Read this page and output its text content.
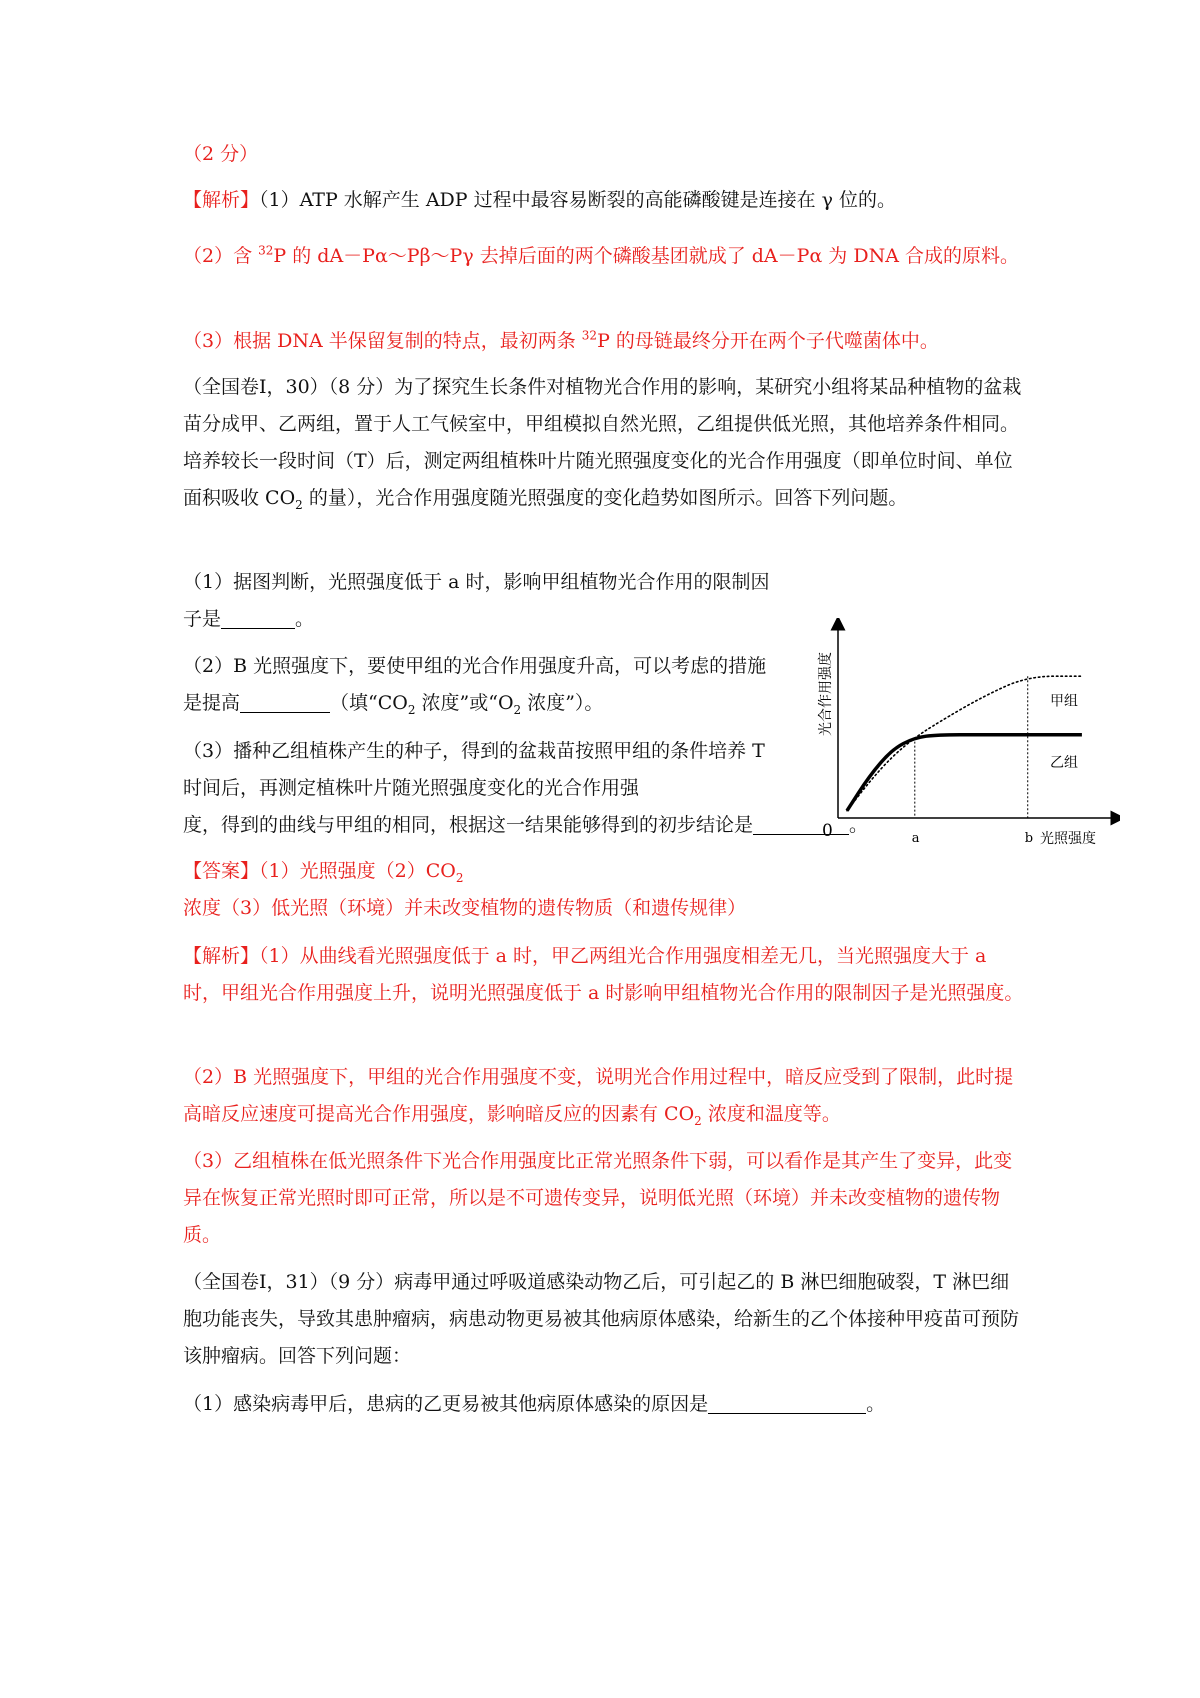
（2 分）

【解析】（1）ATP 水解产生 ADP 过程中最容易断裂的高能磷酸键是连接在 γ 位的。

（2）含 $^{32}$P 的 dA－Pα～Pβ～Pγ 去掉后面的两个磷酸基团就成了 dA－Pα 为 DNA 合成的原料。

（3）根据 DNA 半保留复制的特点，最初两条 $^{32}$P 的母链最终分开在两个子代噬菌体中。

（全国卷Ⅰ，30）（8 分）为了探究生长条件对植物光合作用的影响，某研究小组将某品种植物的盆栽苗分成甲、乙两组，置于人工气候室中，甲组模拟自然光照，乙组提供低光照，其他培养条件相同。培养较长一段时间（T）后，测定两组植株叶片随光照强度变化的光合作用强度（即单位时间、单位面积吸收 $CO_2$ 的量），光合作用强度随光照强度的变化趋势如图所示。回答下列问题。

（1）据图判断，光照强度低于 a 时，影响甲组植物光合作用的限制因子是	。

（2）B 光照强度下，要使甲组的光合作用强度升高，可以考虑的措施是提高	（填“$CO_2$ 浓度”或“$O_2$ 浓度”）。

（3）播种乙组植株产生的种子，得到的盆栽苗按照甲组的条件培养 T 时间后，再测定植株叶片随光照强度变化的光合作用强

度，得到的曲线与甲组的相同，根据这一结果能够得到的初步结论是	。

【答案】（1）光照强度$(2)CO_2$ 浓度（3）低光照（环境）并未改变植物的遗传物质（和遗传规律）

【解析】（1）从曲线看光照强度低于 a 时，甲乙两组光合作用强度相差无几，当光照强度大于 a 时，甲组光合作用强度上升，说明光照强度低于 a 时影响甲组植物光合作用的限制因子是光照强度。

（2）B 光照强度下，甲组的光合作用强度不变，说明光合作用过程中，暗反应受到了限制，此时提高暗反应速度可提高光合作用强度，影响暗反应的因素有 $CO_2$ 浓度和温度等。

（3）乙组植株在低光照条件下光合作用强度比正常光照条件下弱，可以看作是其产生了变异，此变异在恢复正常光照时即可正常，所以是不可遗传变异，说明低光照（环境）并未改变植物的遗传物质。

（全国卷Ⅰ，31）（9 分）病毒甲通过呼吸道感染动物乙后，可引起乙的 B 淋巴细胞破裂，T 淋巴细胞功能丧失，导致其患肿瘤病，病患动物更易被其他病原体感染，给新生的乙个体接种甲疫苗可预防该肿瘤病。回答下列问题：

（1）感染病毒甲后，患病的乙更易被其他病原体感染的原因是	。

光合作用强度
0	光照强度
a	b
甲组
乙组
